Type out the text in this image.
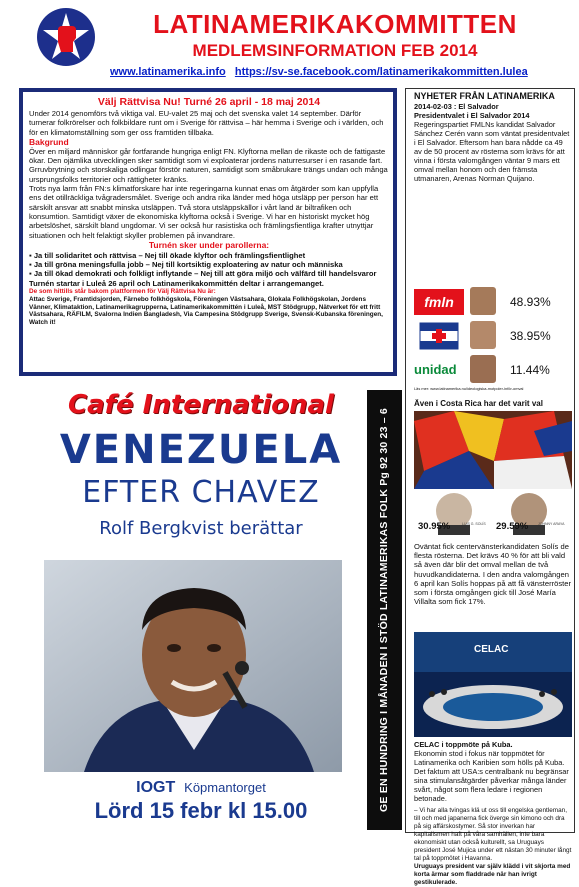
LATINAMERIKAKOMMITTEN
MEDLEMSINFORMATION FEB 2014
www.latinamerika.info https://sv-se.facebook.com/latinamerikakommitten.lulea
Välj Rättvisa Nu! Turné 26 april - 18 maj 2014

Under 2014 genomförs två viktiga val. EU-valet 25 maj och det svenska valet 14 september. Därför turnerar folkrörelser och folkbildare runt om i Sverige för rättvisa – här hemma i Sverige och i världen, och för en klimatomställning som ger oss framtiden tillbaka.

Bakgrund

Över en miljard människor går fortfarande hungriga enligt FN. Klyftorna mellan de rikaste och de fattigaste ökar. Den ojämlika utvecklingen sker samtidigt som vi exploaterar jordens naturresurser i en rasande fart. Grruvbrytning och storskaliga odlingar förstör naturen, samtidigt som småbrukare trängs undan och många ursprungsfolks territorier och rättigheter kränks.

Trots nya larm från FN:s klimatforskare har inte regeringarna kunnat enas om åtgärder som kan uppfylla ens det otillräckliga tvågradersmålet. Sverige och andra rika länder med höga utsläpp per person har ett särskilt ansvar att snabbt minska utsläppen. Två stora utsläppskällor i vårt land är biltrafiken och konsumtion. Samtidigt växer de ekonomiska klyftorna också i Sverige. Vi har en historiskt mycket hög arbetslöshet, särskilt bland ungdomar. Vi ser också hur rasistiska och främlingsfientliga krafter utnyttjar situationen och helt felaktigt skyller problemen på invandrare.

Turnén sker under parollerna:
▪ Ja till solidaritet och rättvisa – Nej till ökade klyftor och främlingsfientlighet
▪ Ja till gröna meningsfulla jobb – Nej till kortsiktig exploatering av natur och människa
▪ Ja till ökad demokrati och folkligt inflytande – Nej till att göra miljö och välfärd till handelsvaror
Turnén startar i Luleå 26 april och Latinamerikakommittén deltar i arrangemanget.
De som hittills står bakom plattformen för Välj Rättvisa Nu är:
Attac Sverige, Framtidsjorden, Färnebo folkhögskola, Föreningen Västsahara, Glokala Folkhögskolan, Jordens Vänner, Klimataktion, Latinamerikagrupperna, Latinamerikakommittén i Luleå, MST Stödgrupp, Nätverket för ett fritt Västsahara, RÄFILM, Svalorna Indien Bangladesh, Via Campesina Stödgrupp Sverige, Svensk-Kubanska föreningen, Watch it!
Café International
VENEZUELA
EFTER CHAVEZ
Rolf Bergkvist berättar
IOGT Köpmantorget
Lörd 15 febr kl 15.00	GE EN HUNDRING I MÅNADEN I STÖD LATINAMERIKAS FOLK Pg 92 30 23 – 6
NYHETER FRÅN LATINAMERIKA
2014-02-03 : El Salvador
Presidentvalet i El Salvador 2014
Regeringspartiet FMLNs kandidat Salvador Sánchez Cerén vann som väntat presidentvalet i El Salvador. Eftersom han bara nådde ca 49 av de 50 procent av rösterna som krävs för att vinna i första valomgången väntar 9 mars ett omval mellan honom och den främsta utmanaren, Arenas Norman Quijano.
fmln	48.93%
38.95%
unidad	11.44%
Läs mer: www.latinamerika.nu/ideologiska-motpoler-inför-omval
Även i Costa Rica har det varit val
30.95%	LUIS G. SOLÍS 29.59%	JOHNNY ARAYA
Oväntat fick centervänsterkandidaten Solís de flesta rösterna. Det krävs 40 % för att bli vald så även där blir det omval mellan de två huvudkandidaterna. I den andra valomgången 6 april kan Solís hoppas på att få vänsterröster som i första omgången gick till José María Villalta som fick 17%.
CELAC
CELAC i toppmöte på Kuba.
Ekonomin stod i fokus när toppmötet för Latinamerika och Karibien som hölls på Kuba. Det faktum att USA:s centralbank nu begränsar sina stimulansåtgärder påverkar många länder svårt, något som flera ledare i regionen betonade.
– Vi har alla tvingas klä ut oss till engelska gentleman, till och med japanerna fick överge sin kimono och dra på sig affärskostymer. Så stor inverkan har kapitalismen haft på våra samhällen, inte bara ekonomiskt utan också kulturellt, sa Uruguays president José Mujica under ett nästan 30 minuter långt tal på toppmötet i Havanna.
Uruguays president var själv klädd i vit skjorta med korta ärmar som fladdrade när han ivrigt gestikulerade.
